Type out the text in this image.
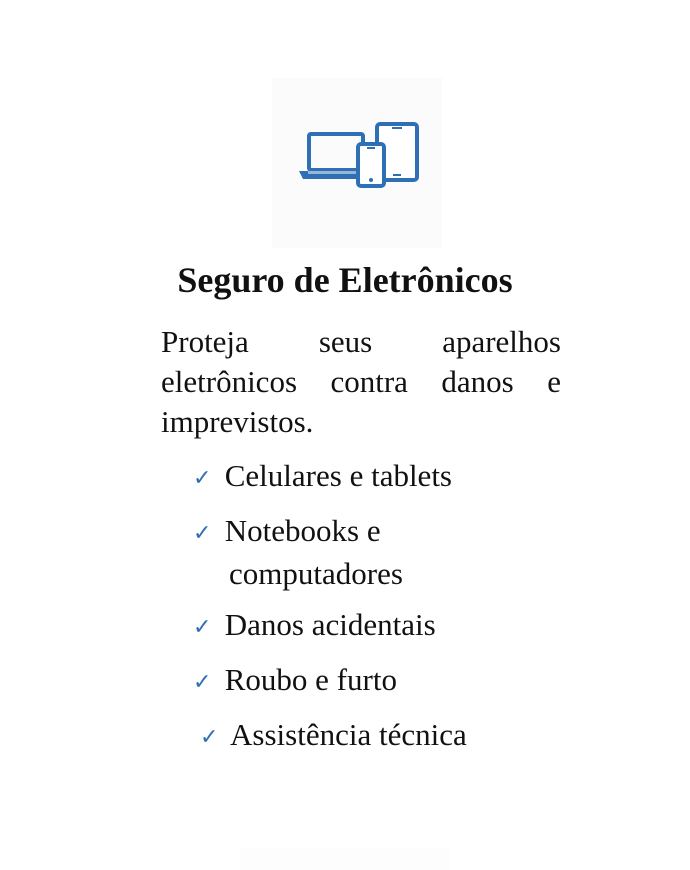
Seguro de Eletrônicos

Proteja seus aparelhos eletrônicos contra danos e imprevistos.

✓ Celulares e tablets
✓ Notebooks e
computadores
✓ Danos acidentais
✓ Roubo e furto
✓ Assistência técnica
